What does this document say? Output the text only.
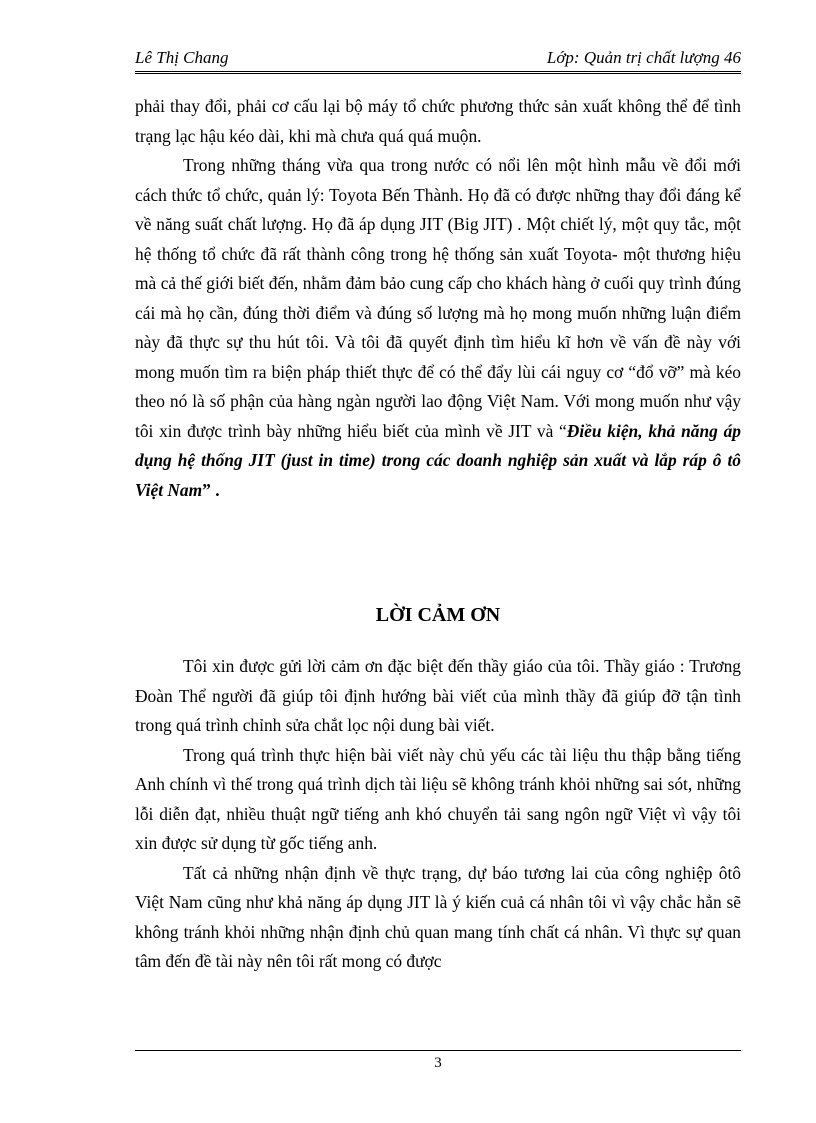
Lê Thị Chang	Lớp: Quản trị chất lượng 46

phải thay đổi, phải cơ cấu lại bộ máy tổ chức phương thức sản xuất không thể để tình trạng lạc hậu kéo dài, khi mà chưa quá quá muộn.

Trong những tháng vừa qua trong nước có nổi lên một hình mẫu về đổi mới cách thức tổ chức, quản lý: Toyota Bến Thành. Họ đã có được những thay đổi đáng kể về năng suất chất lượng. Họ đã áp dụng JIT (Big JIT) . Một chiết lý, một quy tắc, một hệ thống tổ chức đã rất thành công trong hệ thống sản xuất Toyota- một thương hiệu mà cả thế giới biết đến, nhằm đảm bảo cung cấp cho khách hàng ở cuối quy trình đúng cái mà họ cần, đúng thời điểm và đúng số lượng mà họ mong muốn những luận điểm này đã thực sự thu hút tôi. Và tôi đã quyết định tìm hiểu kĩ hơn về vấn đề này với mong muốn tìm ra biện pháp thiết thực để có thể đẩy lùi cái nguy cơ “đổ vỡ” mà kéo theo nó là số phận của hàng ngàn người lao động Việt Nam. Với mong muốn như vậy tôi xin được trình bày những hiểu biết của mình về JIT và “Điều kiện, khả năng áp dụng hệ thống JIT (just in time) trong các doanh nghiệp sản xuất và lắp ráp ô tô Việt Nam” .

LỜI CẢM ƠN

Tôi xin được gửi lời cảm ơn đặc biệt đến thầy giáo của tôi. Thầy giáo : Trương Đoàn Thể người đã giúp tôi định hướng bài viết của mình thầy đã giúp đỡ tận tình trong quá trình chỉnh sửa chắt lọc nội dung bài viết.

Trong quá trình thực hiện bài viết này chủ yếu các tài liệu thu thập bằng tiếng Anh chính vì thế trong quá trình dịch tài liệu sẽ không tránh khỏi những sai sót, những lỗi diễn đạt, nhiều thuật ngữ tiếng anh khó chuyển tải sang ngôn ngữ Việt vì vậy tôi xin được sử dụng từ gốc tiếng anh.

Tất cả những nhận định về thực trạng, dự báo tương lai của công nghiệp ôtô Việt Nam cũng như khả năng áp dụng JIT là ý kiến cuả cá nhân tôi vì vậy chắc hẳn sẽ không tránh khỏi những nhận định chủ quan mang tính chất cá nhân. Vì thực sự quan tâm đến đề tài này nên tôi rất mong có được

3
